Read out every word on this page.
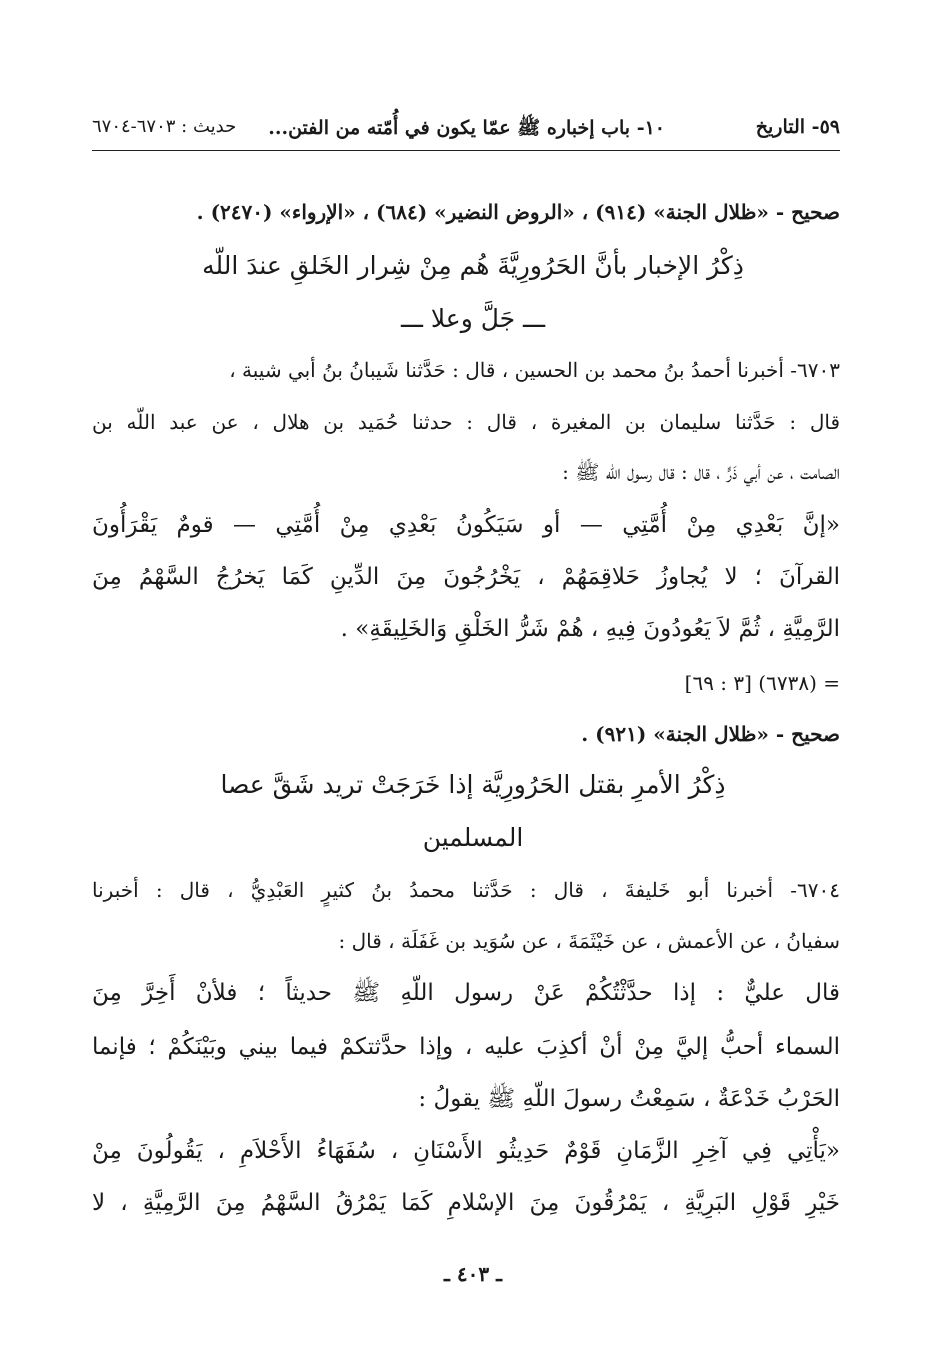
٥٩- التاريخ
١٠- باب إخباره ﷺ عمّا يكون في أُمّته من الفتن...
حديث : ٦٧٠٣-٦٧٠٤
صحيح - «ظلال الجنة» (٩١٤) ، «الروض النضير» (٦٨٤) ، «الإرواء» (٢٤٧٠) .
ذِكْرُ الإخبار بأنَّ الحَرُورِيَّةَ هُم مِنْ شِرار الخَلقِ عندَ اللّه
ـــ جَلَّ وعلا ـــ
٦٧٠٣- أخبرنا أحمدُ بنُ محمد بن الحسين ، قال : حَدَّثنا شَيبانُ بنُ أبي شيبة ،
قال : حَدَّثنا سليمان بن المغيرة ، قال : حدثنا حُمَيد بن هلال ، عن عبد اللّه بن
الصامت ، عن أبي ذَرٍّ ، قال : قال رسول اللّه ﷺ :
«إنَّ بَعْدِي مِنْ أُمَّتِي — أو سَيَكُونُ بَعْدِي مِنْ أُمَّتِي — قومٌ يَقْرَأُونَ
القرآنَ ؛ لا يُجاوزُ حَلاقِمَهُمْ ، يَخْرُجُونَ مِنَ الدِّينِ كَمَا يَخرُجُ السَّهْمُ مِنَ
الرَّمِيَّةِ ، ثُمَّ لاَ يَعُودُونَ فِيهِ ، هُمْ شَرُّ الخَلْقِ وَالخَلِيقَةِ» .
= (٦٧٣٨) [٣ : ٦٩]
صحيح - «ظلال الجنة» (٩٢١) .
ذِكْرُ الأمرِ بقتل الحَرُورِيَّة إذا خَرَجَتْ تريد شَقَّ عصا
المسلمين
٦٧٠٤- أخبرنا أبو خَليفةَ ، قال : حَدَّثنا محمدُ بنُ كثيرٍ العَبْدِيُّ ، قال : أخبرنا
سفيانُ ، عن الأعمش ، عن خَيْثَمَةَ ، عن سُوَيد بن غَفَلَة ، قال :
قال عليٌّ : إذا حدَّثْتُكُمْ عَنْ رسول اللّهِ ﷺ حديثاً ؛ فلأنْ أَخِرَّ مِنَ
السماء أحبُّ إليَّ مِنْ أنْ أكذِبَ عليه ، وإذا حدَّثتكمْ فيما بيني وبَيْنَكُمْ ؛ فإنما
الحَرْبُ خَدْعَةٌ ، سَمِعْتُ رسولَ اللّهِ ﷺ يقولُ :
«يَأْتِي فِي آخِرِ الزَّمَانِ قَوْمٌ حَدِيثُو الأَسْنَانِ ، سُفَهَاءُ الأَحْلاَمِ ، يَقُولُونَ مِنْ
خَيْرِ قَوْلِ البَرِيَّةِ ، يَمْرُقُونَ مِنَ الإسْلامِ كَمَا يَمْرُقُ السَّهْمُ مِنَ الرَّمِيَّةِ ، لا
ـ ٤٠٣ ـ
